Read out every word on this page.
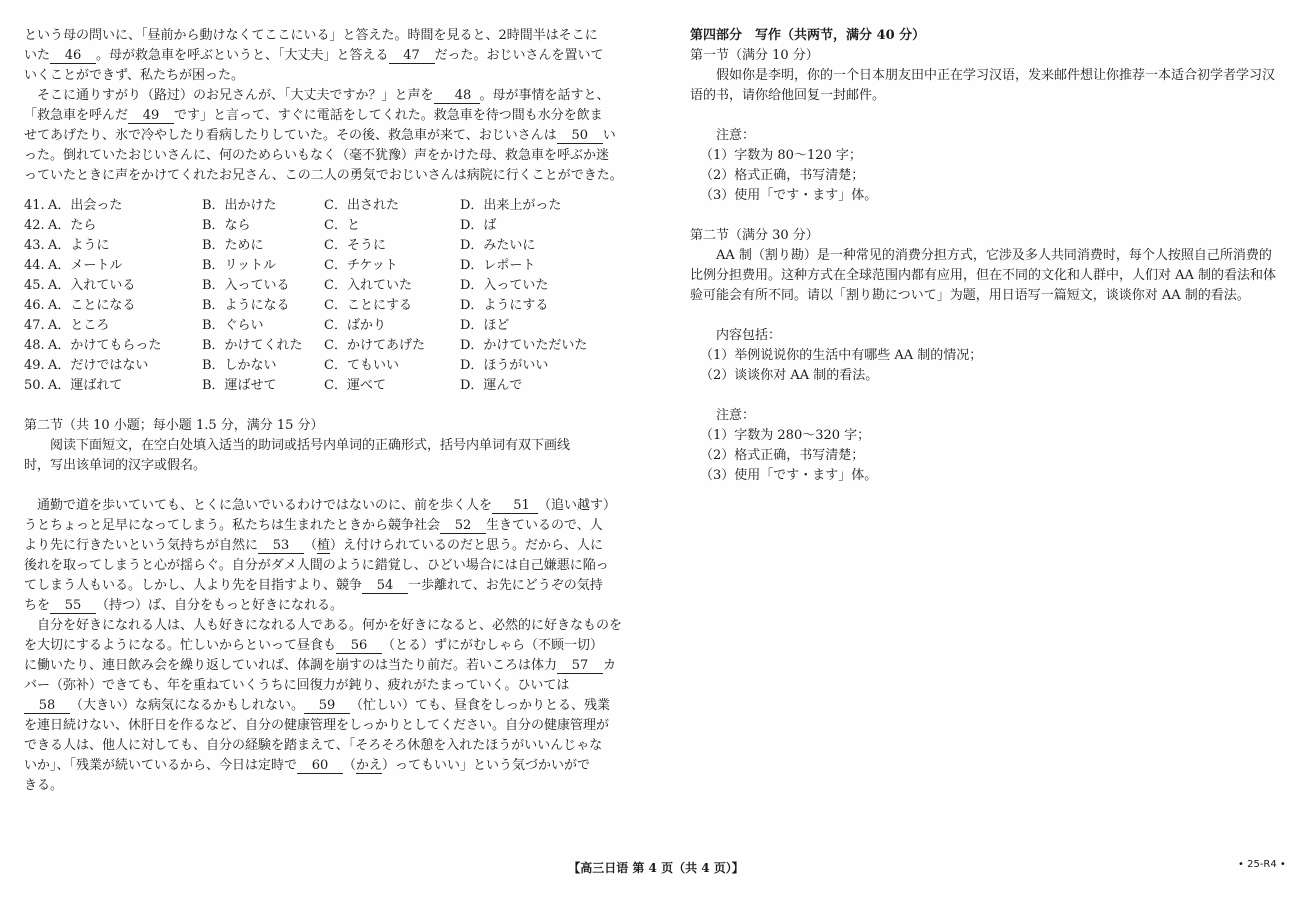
という母の問いに、「昼前から動けなくてここにいる」と答えた。時間を見ると、2時間半はそこに

いた 46 。母が救急車を呼ぶというと、「大丈夫」と答える 47 だった。おじいさんを置いて

いくことができず、私たちが困った。

そこに通りすがり（路过）のお兄さんが、「大丈夫ですか？」と声を 48 。母が事情を話すと、

「救急車を呼んだ 49 です」と言って、すぐに電話をしてくれた。救急車を待つ間も水分を飲ま

せてあげたり、氷で冷やしたり看病したりしていた。その後、救急車が来て、おじいさんは 50 い

った。倒れていたおじいさんに、何のためらいもなく（毫不犹豫）声をかけた母、救急車を呼ぶか迷

っていたときに声をかけてくれたお兄さん、この二人の勇気でおじいさんは病院に行くことができた。

41. A．出会った	B．出かけた	C．出された	D．出来上がった
42. A．たら	B．なら	C．と	D．ば
43. A．ように	B．ために	C．そうに	D．みたいに
44. A．メートル	B．リットル	C．チケット	D．レポート
45. A．入れている	B．入っている	C．入れていた	D．入っていた
46. A．ことになる	B．ようになる	C．ことにする	D．ようにする
47. A．ところ	B．ぐらい	C．ばかり	D．ほど
48. A．かけてもらった	B．かけてくれた	C．かけてあげた	D．かけていただいた
49. A．だけではない	B．しかない	C．てもいい	D．ほうがいい
50. A．運ばれて	B．運ばせて	C．運べて	D．運んで

第二节（共 10 小题；每小题 1.5 分，满分 15 分）

阅读下面短文，在空白处填入适当的助词或括号内单词的正确形式，括号内单词有双下画线

时，写出该单词的汉字或假名。

通勤で道を歩いていても、とくに急いでいるわけではないのに、前を歩く人を 51 （追い越す）

うとちょっと足早になってしまう。私たちは生まれたときから競争社会 52 生きているので、人

より先に行きたいという気持ちが自然に 53 （植）え付けられているのだと思う。だから、人に

後れを取ってしまうと心が揺らぐ。自分がダメ人間のように錯覚し、ひどい場合には自己嫌悪に陥っ

てしまう人もいる。しかし、人より先を目指すより、競争 54 一歩離れて、お先にどうぞの気持

ちを 55 （持つ）ば、自分をもっと好きになれる。

自分を好きになれる人は、人も好きになれる人である。何かを好きになると、必然的に好きなものを

を大切にするようになる。忙しいからといって昼食も 56 （とる）ずにがむしゃら（不顾一切）

に働いたり、連日飲み会を繰り返していれば、体調を崩すのは当たり前だ。若いころは体力 57 カ

バー（弥补）できても、年を重ねていくうちに回復力が鈍り、疲れがたまっていく。ひいては

58 （大きい）な病気になるかもしれない。 59 （忙しい）ても、昼食をしっかりとる、残業

を連日続けない、休肝日を作るなど、自分の健康管理をしっかりとしてください。自分の健康管理が

できる人は、他人に対しても、自分の経験を踏まえて、「そろそろ休憩を入れたほうがいいんじゃな

いか」、「残業が続いているから、今日は定時で 60 （かえ）ってもいい」という気づかいがで

きる。

第四部分　写作（共两节，满分 40 分）

第一节（满分 10 分）

假如你是李明，你的一个日本朋友田中正在学习汉语，发来邮件想让你推荐一本适合初学者学习汉

语的书，请你给他回复一封邮件。

注意：

（1）字数为 80～120 字；

（2）格式正确，书写清楚；

（3）使用「です・ます」体。

第二节（满分 30 分）

AA 制（割り勘）是一种常见的消费分担方式，它涉及多人共同消费时，每个人按照自己所消费的

比例分担费用。这种方式在全球范围内都有应用，但在不同的文化和人群中，人们对 AA 制的看法和体

验可能会有所不同。请以「割り勘について」为题，用日语写一篇短文，谈谈你对 AA 制的看法。

内容包括：

（1）举例说说你的生活中有哪些 AA 制的情况；

（2）谈谈你对 AA 制的看法。

注意：

（1）字数为 280～320 字；

（2）格式正确，书写清楚；

（3）使用「です・ます」体。

【高三日语 第 4 页（共 4 页）】	• 25-R4 •
